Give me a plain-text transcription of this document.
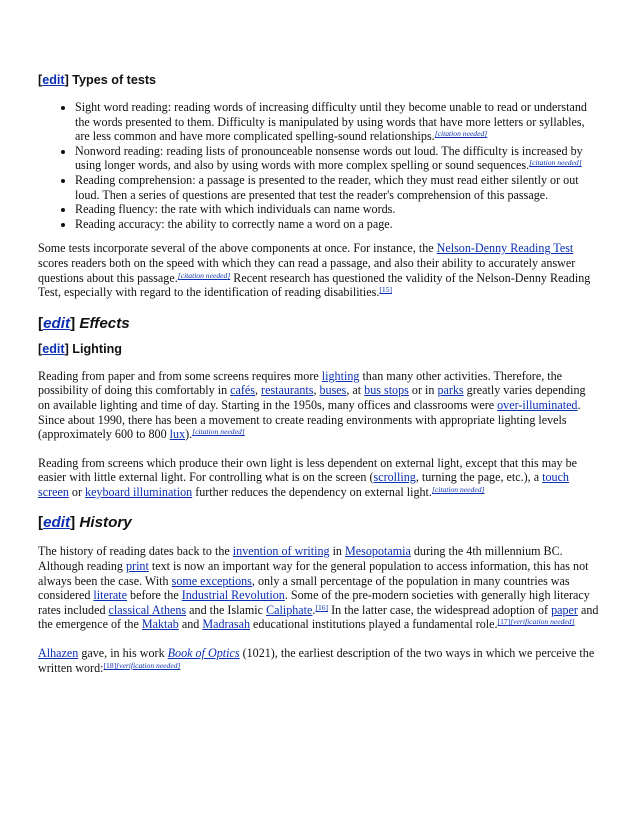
[edit] Types of tests
• Sight word reading: reading words of increasing difficulty until they become unable to read or understand the words presented to them. Difficulty is manipulated by using words that have more letters or syllables, are less common and have more complicated spelling-sound relationships.[citation needed]
• Nonword reading: reading lists of pronounceable nonsense words out loud. The difficulty is increased by using longer words, and also by using words with more complex spelling or sound sequences.[citation needed]
• Reading comprehension: a passage is presented to the reader, which they must read either silently or out loud. Then a series of questions are presented that test the reader's comprehension of this passage.
• Reading fluency: the rate with which individuals can name words.
• Reading accuracy: the ability to correctly name a word on a page.

Some tests incorporate several of the above components at once. For instance, the Nelson-Denny Reading Test scores readers both on the speed with which they can read a passage, and also their ability to accurately answer questions about this passage.[citation needed] Recent research has questioned the validity of the Nelson-Denny Reading Test, especially with regard to the identification of reading disabilities.[15]

[edit] Effects
[edit] Lighting

Reading from paper and from some screens requires more lighting than many other activities. Therefore, the possibility of doing this comfortably in cafés, restaurants, buses, at bus stops or in parks greatly varies depending on available lighting and time of day. Starting in the 1950s, many offices and classrooms were over-illuminated. Since about 1990, there has been a movement to create reading environments with appropriate lighting levels (approximately 600 to 800 lux).[citation needed]

Reading from screens which produce their own light is less dependent on external light, except that this may be easier with little external light. For controlling what is on the screen (scrolling, turning the page, etc.), a touch screen or keyboard illumination further reduces the dependency on external light.[citation needed]

[edit] History

The history of reading dates back to the invention of writing in Mesopotamia during the 4th millennium BC. Although reading print text is now an important way for the general population to access information, this has not always been the case. With some exceptions, only a small percentage of the population in many countries was considered literate before the Industrial Revolution. Some of the pre-modern societies with generally high literacy rates included classical Athens and the Islamic Caliphate.[16] In the latter case, the widespread adoption of paper and the emergence of the Maktab and Madrasah educational institutions played a fundamental role.[17][verification needed]

Alhazen gave, in his work Book of Optics (1021), the earliest description of the two ways in which we perceive the written word:[18][verification needed]
